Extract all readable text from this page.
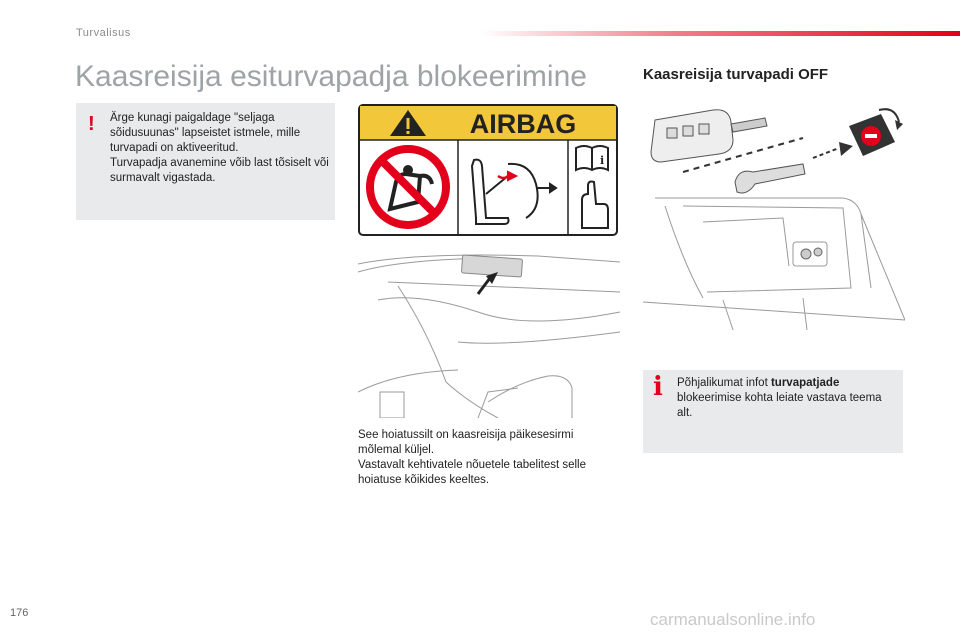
Turvalisus
Kaasreisija esiturvapadja blokeerimine	Kaasreisija turvapadi OFF
! Ärge kunagi paigaldage "seljaga sõidusuunas" lapseistet istmele, mille turvapadi on aktiveeritud.

Turvapadja avanemine võib last tõsiselt või surmavalt vigastada.

AIRBAG
i

See hoiatussilt on kaasreisija päikesesirmi mõlemal küljel.

Vastavalt kehtivatele nõuetele tabelitest selle hoiatuse kõikides keeltes.

i Põhjalikumat infot turvapatjade blokeerimise kohta leiate vastava teema alt.
176	carmanualsonline.info
